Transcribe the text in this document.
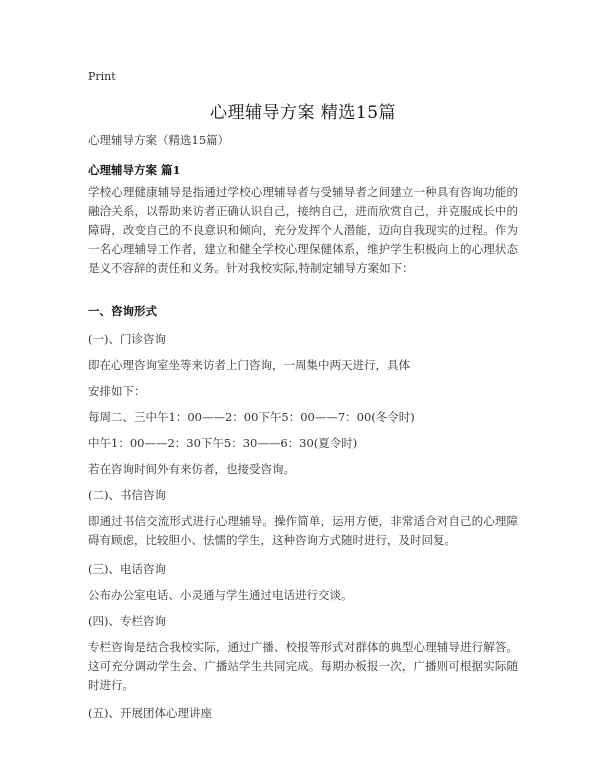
Print
心理辅导方案 精选15篇
心理辅导方案（精选15篇）
心理辅导方案 篇1
学校心理健康辅导是指通过学校心理辅导者与受辅导者之间建立一种具有咨询功能的融洽关系，以帮助来访者正确认识自己，接纳自己，进而欣赏自己，并克服成长中的障碍，改变自己的不良意识和倾向，充分发挥个人潜能，迈向自我现实的过程。作为一名心理辅导工作者，建立和健全学校心理保健体系，维护学生积极向上的心理状态是义不容辞的责任和义务。针对我校实际,特制定辅导方案如下：
一、咨询形式
(一)、门诊咨询
即在心理咨询室坐等来访者上门咨询，一周集中两天进行，具体
安排如下：
每周二、三中午1：00——2：00下午5：00——7：00(冬令时)
中午1：00——2：30下午5：30——6：30(夏令时)
若在咨询时间外有来仿者，也接受咨询。
(二)、书信咨询
即通过书信交流形式进行心理辅导。操作简单，运用方便，非常适合对自己的心理障碍有顾虑，比较胆小、怯懦的学生，这种咨询方式随时进行，及时回复。
(三)、电话咨询
公布办公室电话、小灵通与学生通过电话进行交谈。
(四)、专栏咨询
专栏咨询是结合我校实际，通过广播、校报等形式对群体的典型心理辅导进行解答。这可充分调动学生会、广播站学生共同完成。每期办板报一次，广播则可根据实际随时进行。
(五)、开展团体心理讲座
